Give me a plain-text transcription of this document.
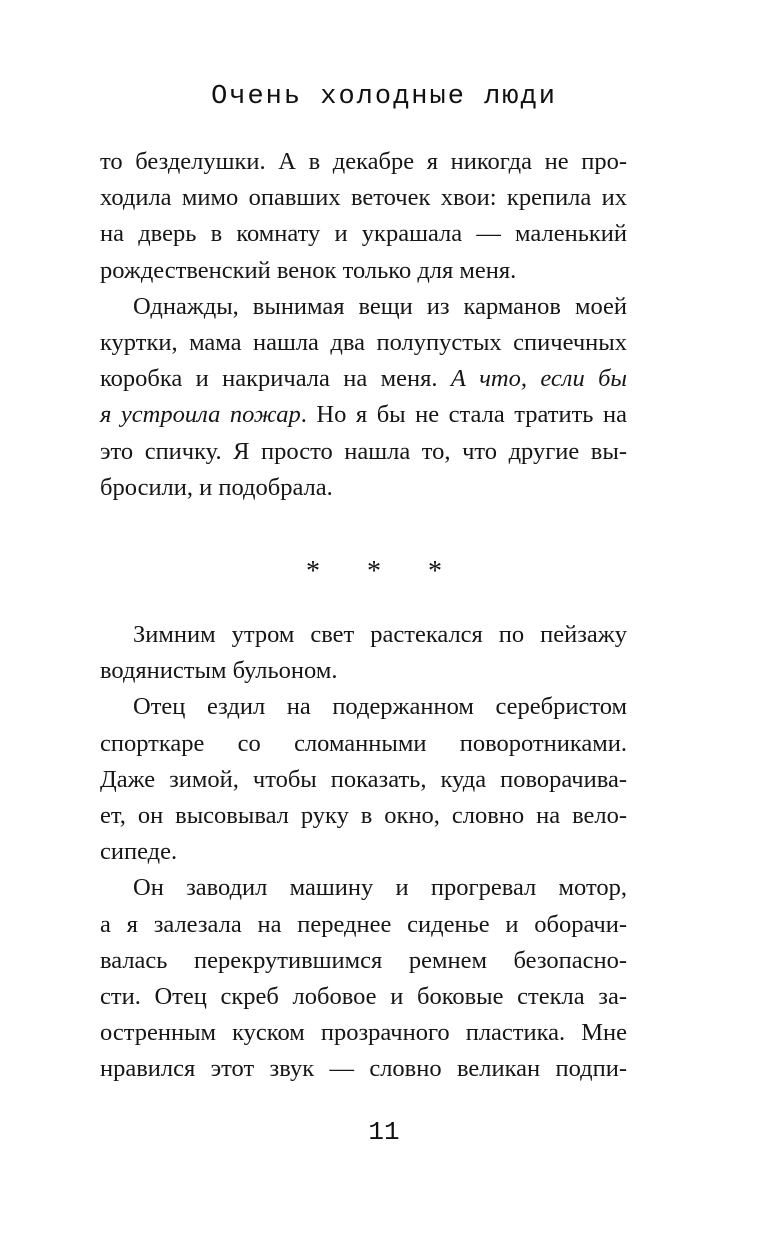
Очень холодные люди

то безделушки. А в декабре я никогда не про-
ходила мимо опавших веточек хвои: крепила их
на дверь в комнату и украшала — маленький
рождественский венок только для меня.

Однажды, вынимая вещи из карманов моей
куртки, мама нашла два полупустых спичечных
коробка и накричала на меня. А что, если бы
я устроила пожар. Но я бы не стала тратить на
это спичку. Я просто нашла то, что другие вы-
бросили, и подобрала.

* * *

Зимним утром свет растекался по пейзажу
водянистым бульоном.

Отец ездил на подержанном серебристом
спорткаре со сломанными поворотниками.
Даже зимой, чтобы показать, куда поворачива-
ет, он высовывал руку в окно, словно на вело-
сипеде.

Он заводил машину и прогревал мотор,
а я залезала на переднее сиденье и оборачи-
валась перекрутившимся ремнем безопасно-
сти. Отец скреб лобовое и боковые стекла за-
остренным куском прозрачного пластика. Мне
нравился этот звук — словно великан подпи-

11
